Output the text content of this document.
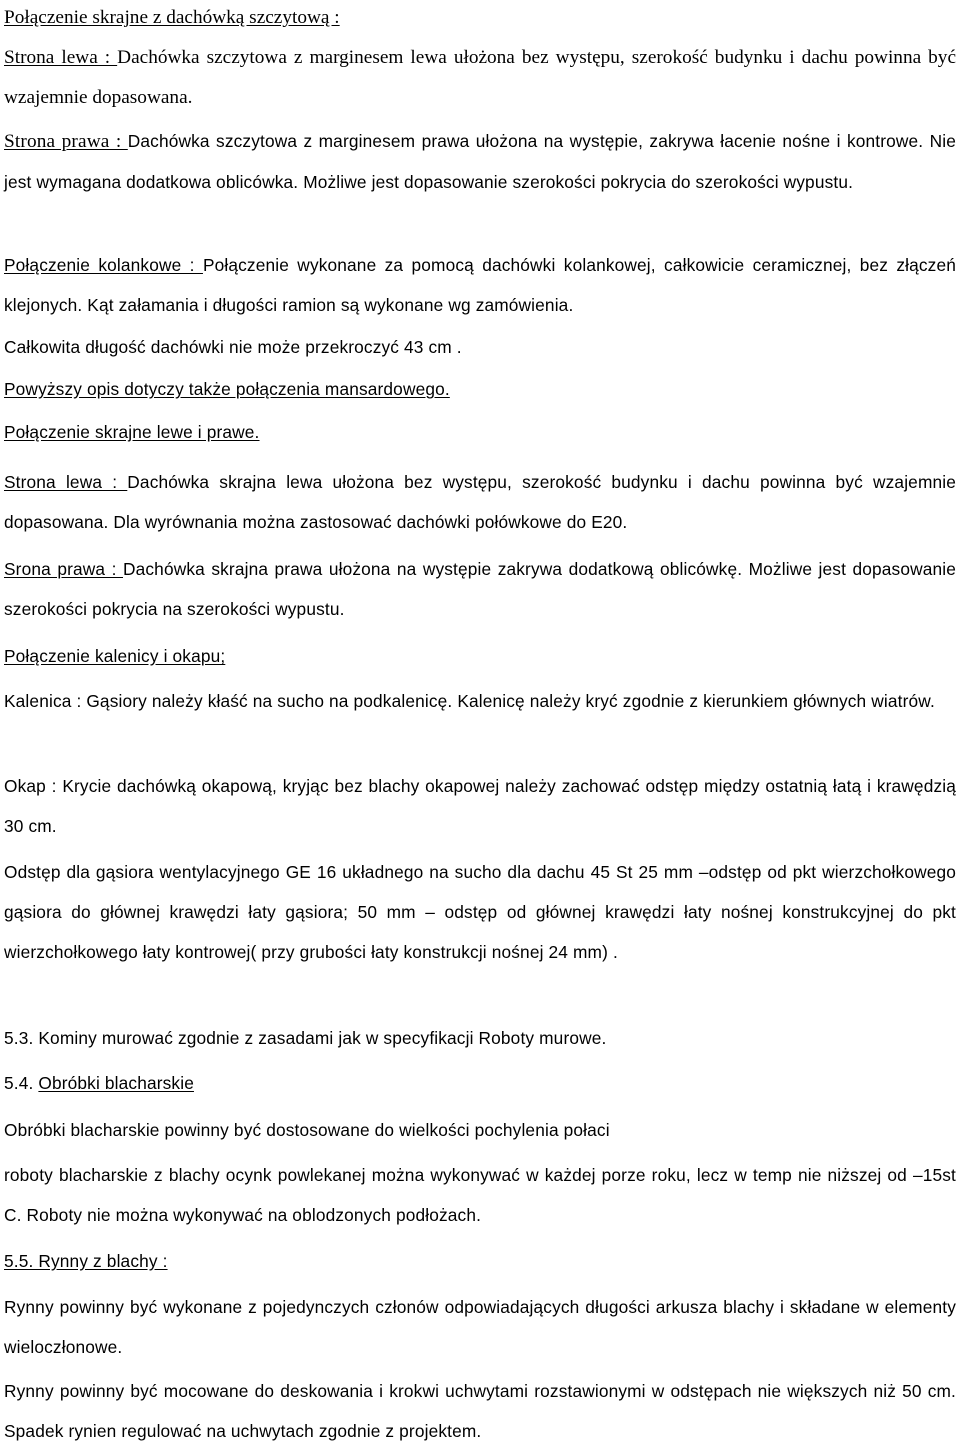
Połączenie skrajne z dachówką szczytową :

Strona lewa : Dachówka szczytowa z marginesem lewa ułożona bez występu, szerokość budynku i dachu powinna być wzajemnie dopasowana.

Strona prawa : Dachówka szczytowa z marginesem prawa ułożona na występie, zakrywa łacenie nośne i kontrowe. Nie jest wymagana dodatkowa oblicówka. Możliwe jest dopasowanie szerokości pokrycia do szerokości wypustu.

Połączenie kolankowe : Połączenie wykonane za pomocą dachówki kolankowej, całkowicie ceramicznej, bez złączeń klejonych. Kąt załamania i długości ramion są wykonane wg zamówienia.

Całkowita długość dachówki nie może przekroczyć 43 cm .

Powyższy opis dotyczy także połączenia mansardowego.

Połączenie skrajne lewe i prawe.

Strona lewa : Dachówka skrajna lewa ułożona bez występu, szerokość budynku i dachu powinna być wzajemnie dopasowana. Dla wyrównania można zastosować dachówki połówkowe do E20.

Srona prawa : Dachówka skrajna prawa ułożona na występie zakrywa dodatkową oblicówkę. Możliwe jest dopasowanie szerokości pokrycia na szerokości wypustu.

Połączenie kalenicy i okapu;

Kalenica : Gąsiory należy kłaść na sucho na podkalenicę. Kalenicę należy kryć zgodnie z kierunkiem głównych wiatrów.

Okap : Krycie dachówką okapową, kryjąc bez blachy okapowej należy zachować odstęp między ostatnią łatą i krawędzią 30 cm.

Odstęp dla gąsiora wentylacyjnego GE 16 układnego na sucho dla dachu 45 St 25 mm –odstęp od pkt wierzchołkowego gąsiora do głównej krawędzi łaty gąsiora; 50 mm – odstęp od głównej krawędzi łaty nośnej konstrukcyjnej do pkt wierzchołkowego łaty kontrowej( przy grubości łaty konstrukcji nośnej 24 mm) .

5.3. Kominy murować zgodnie z zasadami jak w specyfikacji Roboty murowe.

5.4. Obróbki blacharskie

Obróbki blacharskie powinny być dostosowane do wielkości pochylenia połaci

roboty blacharskie z blachy ocynk powlekanej można wykonywać w każdej porze roku, lecz w temp nie niższej od –15st C. Roboty nie można wykonywać na oblodzonych podłożach.

5.5. Rynny z blachy :

Rynny powinny być wykonane z pojedynczych członów odpowiadających długości arkusza blachy i składane w elementy wieloczłonowe.

Rynny powinny być mocowane do deskowania i krokwi uchwytami rozstawionymi w odstępach nie większych niż 50 cm. Spadek rynien regulować na uchwytach zgodnie z projektem.
